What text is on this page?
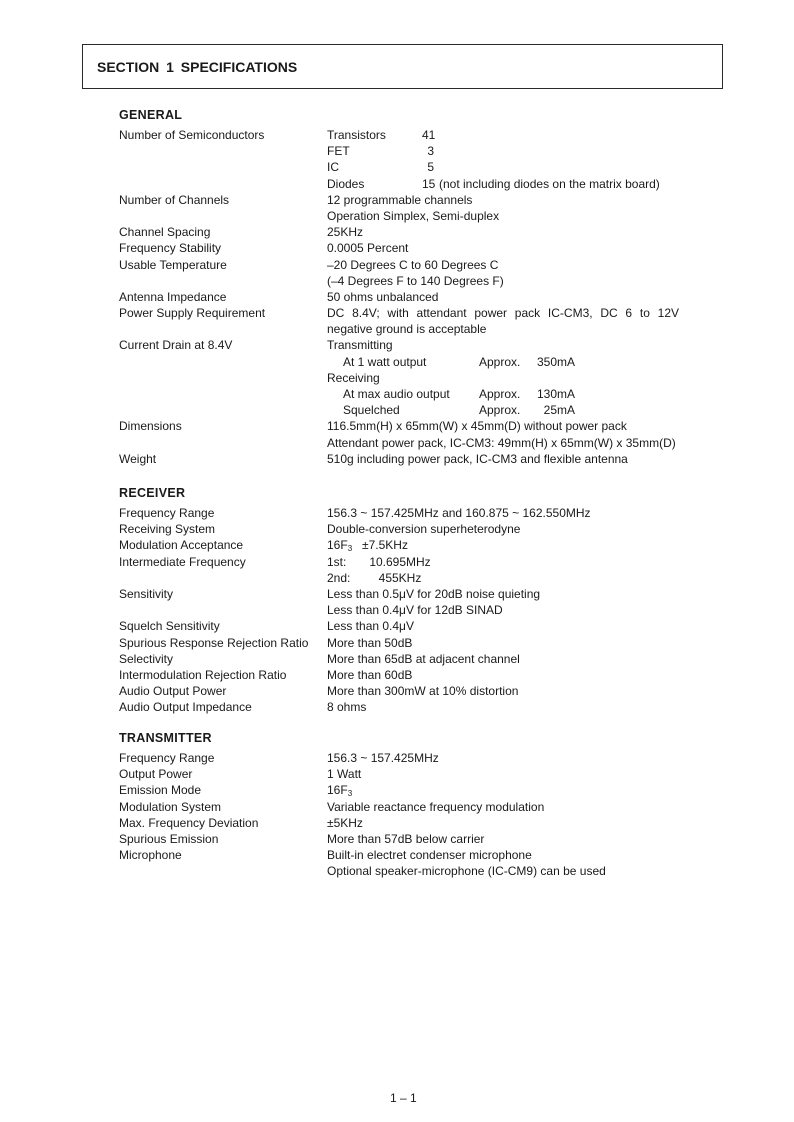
SECTION 1 SPECIFICATIONS
GENERAL
Number of Semiconductors	Transistors	41
FET	3
IC	5
Diodes	15 (not including diodes on the matrix board)
Number of Channels	12 programmable channels
Operation Simplex, Semi-duplex
Channel Spacing	25KHz
Frequency Stability	0.0005 Percent
Usable Temperature	–20 Degrees C to 60 Degrees C
(–4 Degrees F to 140 Degrees F)
Antenna Impedance	50 ohms unbalanced
Power Supply Requirement	DC 8.4V; with attendant power pack IC-CM3, DC 6 to 12V
negative ground is acceptable
Current Drain at 8.4V	Transmitting
At 1 watt output	Approx. 350mA
Receiving
At max audio output Approx. 130mA
Squelched	Approx. 25mA
Dimensions	116.5mm(H) x 65mm(W) x 45mm(D) without power pack
Attendant power pack, IC-CM3: 49mm(H) x 65mm(W) x 35mm(D)
Weight	510g including power pack, IC-CM3 and flexible antenna
RECEIVER
Frequency Range	156.3 ~ 157.425MHz and 160.875 ~ 162.550MHz
Receiving System	Double-conversion superheterodyne
Modulation Acceptance	$16F_3 \pm 7.5KHz$
Intermediate Frequency	1st: 10.695MHz
2nd: 455KHz
Sensitivity	Less than 0.5μV for 20dB noise quieting
Less than 0.4μV for 12dB SINAD
Squelch Sensitivity	Less than 0.4μV
Spurious Response Rejection Ratio	More than 50dB
Selectivity	More than 65dB at adjacent channel
Intermodulation Rejection Ratio	More than 60dB
Audio Output Power	More than 300mW at 10% distortion
Audio Output Impedance	8 ohms
TRANSMITTER
Frequency Range	156.3 ~ 157.425MHz
Output Power	1 Watt
Emission Mode	$16F_3$
Modulation System	Variable reactance frequency modulation
Max. Frequency Deviation	±5KHz
Spurious Emission	More than 57dB below carrier
Microphone	Built-in electret condenser microphone
Optional speaker-microphone (IC-CM9) can be used
1 – 1
